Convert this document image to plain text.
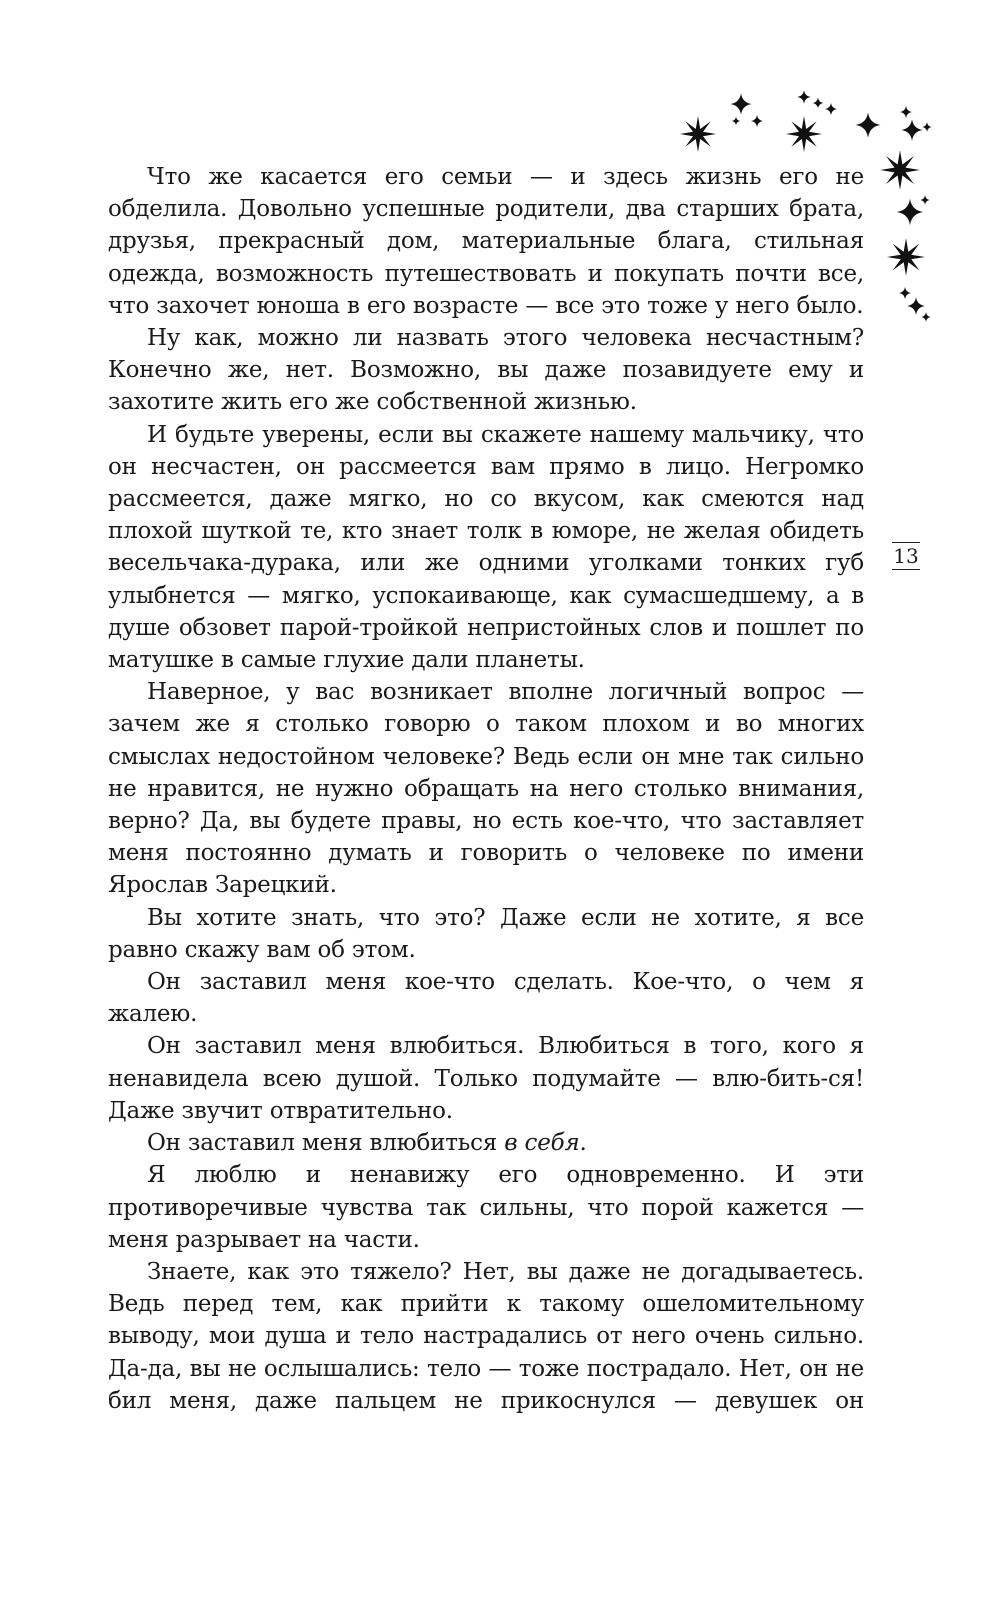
Что же касается его семьи — и здесь жизнь его не обделила. Довольно успешные родители, два старших брата, друзья, прекрасный дом, материальные блага, стильная одежда, возможность путешествовать и покупать почти все, что захочет юноша в его возрасте — все это тоже у него было.

Ну как, можно ли назвать этого человека несчастным? Конечно же, нет. Возможно, вы даже позавидуете ему и захотите жить его же собственной жизнью.

И будьте уверены, если вы скажете нашему мальчику, что он несчастен, он рассмеется вам прямо в лицо. Негромко рассмеется, даже мягко, но со вкусом, как смеются над плохой шуткой те, кто знает толк в юморе, не желая обидеть весельчака-дурака, или же одними уголками тонких губ улыбнется — мягко, успокаивающе, как сумасшедшему, а в душе обзовет парой-тройкой непристойных слов и пошлет по матушке в самые глухие дали планеты.

Наверное, у вас возникает вполне логичный вопрос — зачем же я столько говорю о таком плохом и во многих смыслах недостойном человеке? Ведь если он мне так сильно не нравится, не нужно обращать на него столько внимания, верно? Да, вы будете правы, но есть кое-что, что заставляет меня постоянно думать и говорить о человеке по имени Ярослав Зарецкий.

Вы хотите знать, что это? Даже если не хотите, я все равно скажу вам об этом.

Он заставил меня кое-что сделать. Кое-что, о чем я жалею.

Он заставил меня влюбиться. Влюбиться в того, кого я ненавидела всею душой. Только подумайте — влю-бить-ся! Даже звучит отвратительно.

Он заставил меня влюбиться в себя.

Я люблю и ненавижу его одновременно. И эти противоречивые чувства так сильны, что порой кажется — меня разрывает на части.

Знаете, как это тяжело? Нет, вы даже не догадываетесь. Ведь перед тем, как прийти к такому ошеломительному выводу, мои душа и тело настрадались от него очень сильно. Да-да, вы не ослышались: тело — тоже пострадало. Нет, он не бил меня, даже пальцем не прикоснулся — девушек он

13
